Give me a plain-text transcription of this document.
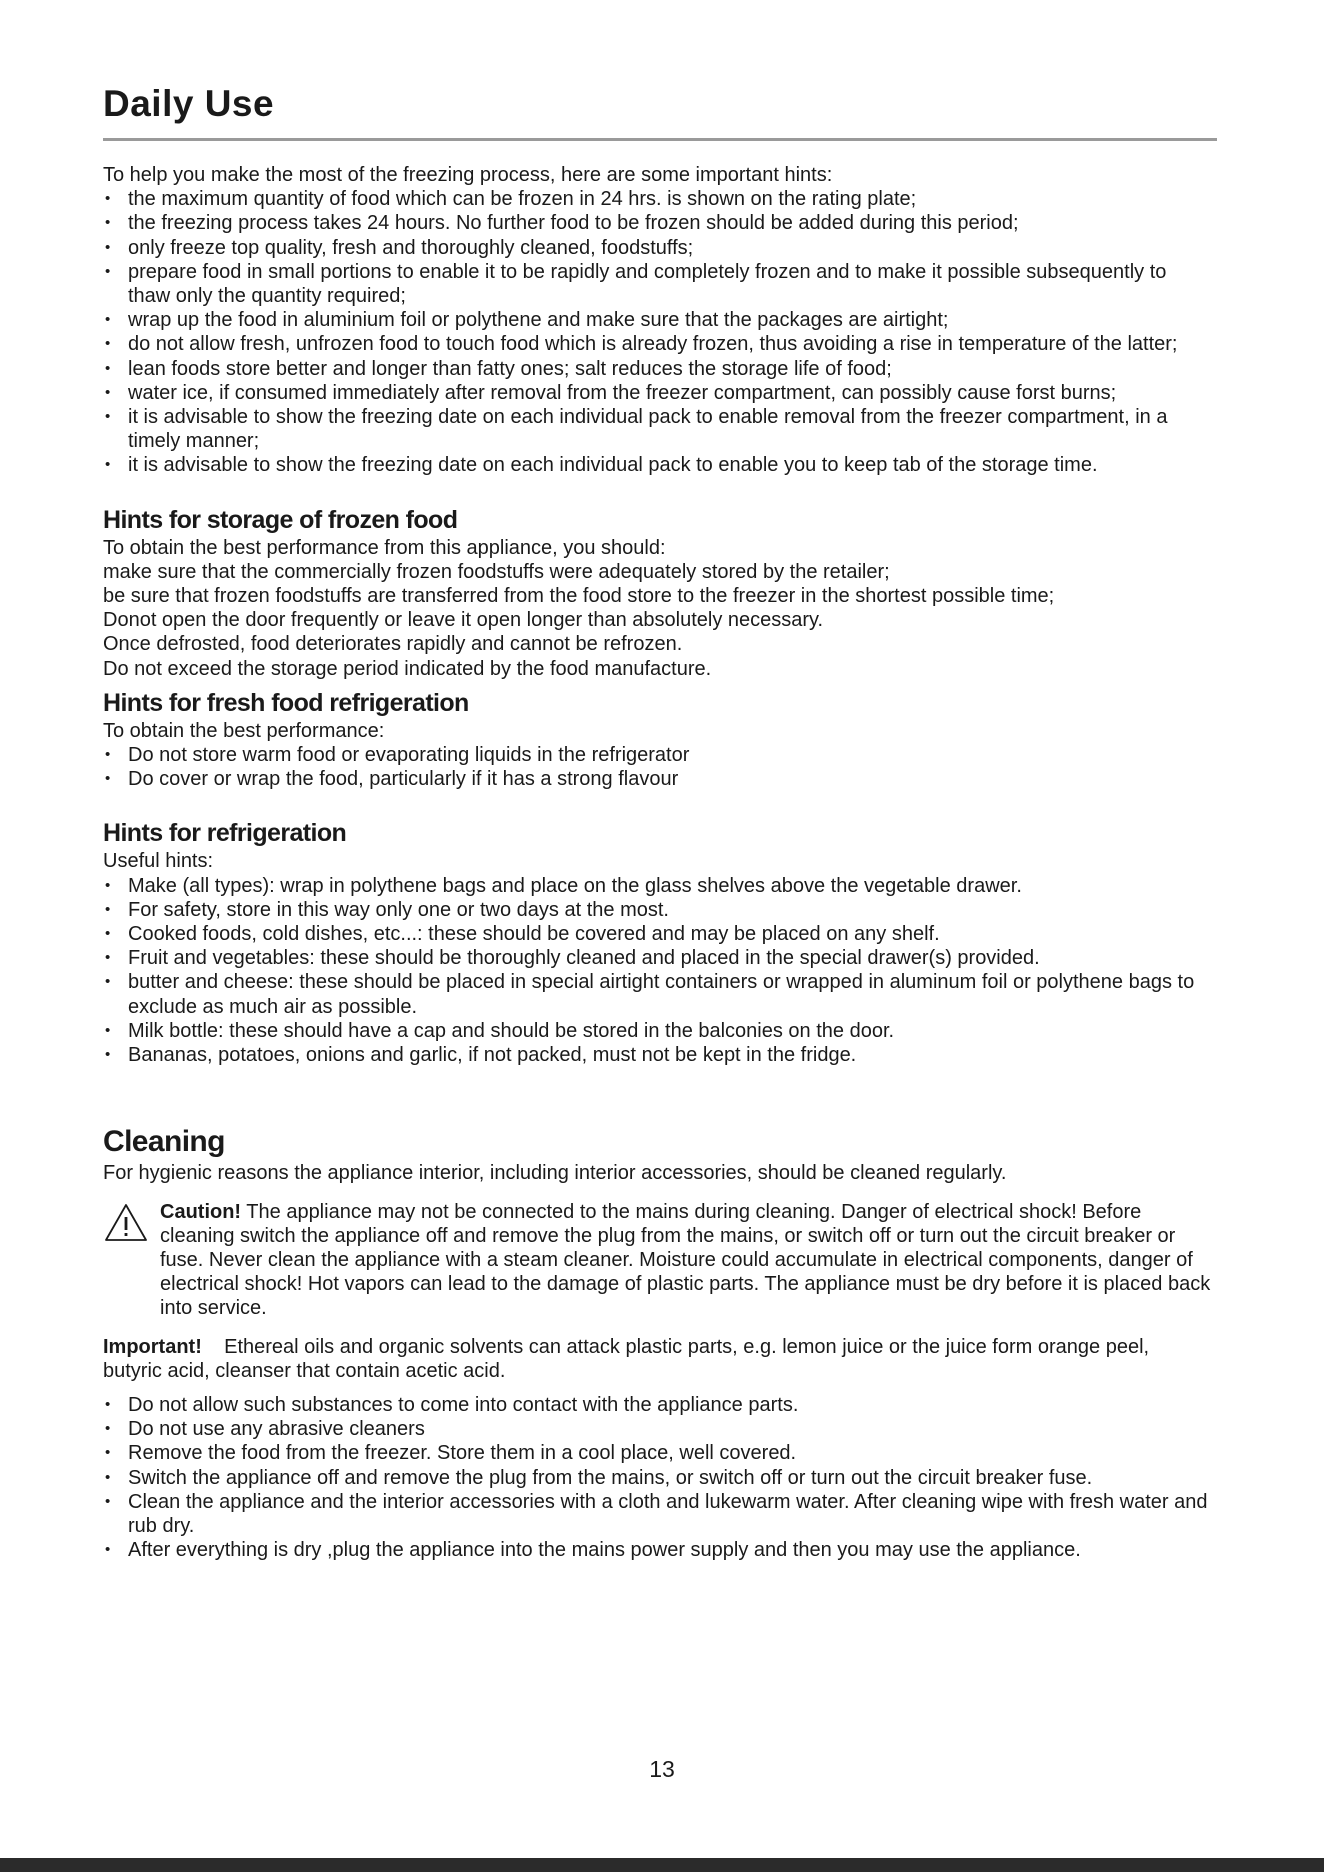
Daily Use

To help you make the most of the freezing process, here are some important hints:

• the maximum quantity of food which can be frozen in 24 hrs. is shown on the rating plate;
• the freezing process takes 24 hours. No further food to be frozen should be added during this period;
• only freeze top quality, fresh and thoroughly cleaned, foodstuffs;
• prepare food in small portions to enable it to be rapidly and completely frozen and to make it possible subsequently to thaw only the quantity required;
• wrap up the food in aluminium foil or polythene and make sure that the packages are airtight;
• do not allow fresh, unfrozen food to touch food which is already frozen, thus avoiding a rise in temperature of the latter;
• lean foods store better and longer than fatty ones; salt reduces the storage life of food;
• water ice, if consumed immediately after removal from the freezer compartment, can possibly cause forst burns;
• it is advisable to show the freezing date on each individual pack to enable removal from the freezer compartment, in a timely manner;
• it is advisable to show the freezing date on each individual pack to enable you to keep tab of the storage time.
Hints for storage of frozen food

To obtain the best performance from this appliance, you should:

make sure that the commercially frozen foodstuffs were adequately stored by the retailer;

be sure that frozen foodstuffs are transferred from the food store to the freezer in the shortest possible time;

Donot open the door frequently or leave it open longer than absolutely necessary.

Once defrosted, food deteriorates rapidly and cannot be refrozen.

Do not exceed the storage period indicated by the food manufacture.

Hints for fresh food refrigeration

To obtain the best performance:

• Do not store warm food or evaporating liquids in the refrigerator
• Do cover or wrap the food, particularly if it has a strong flavour
Hints for refrigeration

Useful hints:

• Make (all types): wrap in polythene bags and place on the glass shelves above the vegetable drawer.
• For safety, store in this way only one or two days at the most.
• Cooked foods, cold dishes, etc...: these should be covered and may be placed on any shelf.
• Fruit and vegetables: these should be thoroughly cleaned and placed in the special drawer(s) provided.
• butter and cheese: these should be placed in special airtight containers or wrapped in aluminum foil or polythene bags to exclude as much air as possible.
• Milk bottle: these should have a cap and should be stored in the balconies on the door.
• Bananas, potatoes, onions and garlic, if not packed, must not be kept in the fridge.
Cleaning

For hygienic reasons the appliance interior, including interior accessories, should be cleaned regularly.

Caution! The appliance may not be connected to the mains during cleaning. Danger of electrical shock! Before cleaning switch the appliance off and remove the plug from the mains, or switch off or turn out the circuit breaker or fuse. Never clean the appliance with a steam cleaner. Moisture could accumulate in electrical components, danger of electrical shock! Hot vapors can lead to the damage of plastic parts. The appliance must be dry before it is placed back into service.

Important! Ethereal oils and organic solvents can attack plastic parts, e.g. lemon juice or the juice form orange peel, butyric acid, cleanser that contain acetic acid.

• Do not allow such substances to come into contact with the appliance parts.
• Do not use any abrasive cleaners
• Remove the food from the freezer. Store them in a cool place, well covered.
• Switch the appliance off and remove the plug from the mains, or switch off or turn out the circuit breaker fuse.
• Clean the appliance and the interior accessories with a cloth and lukewarm water. After cleaning wipe with fresh water and rub dry.
• After everything is dry ,plug the appliance into the mains power supply and then you may use the appliance.
13
